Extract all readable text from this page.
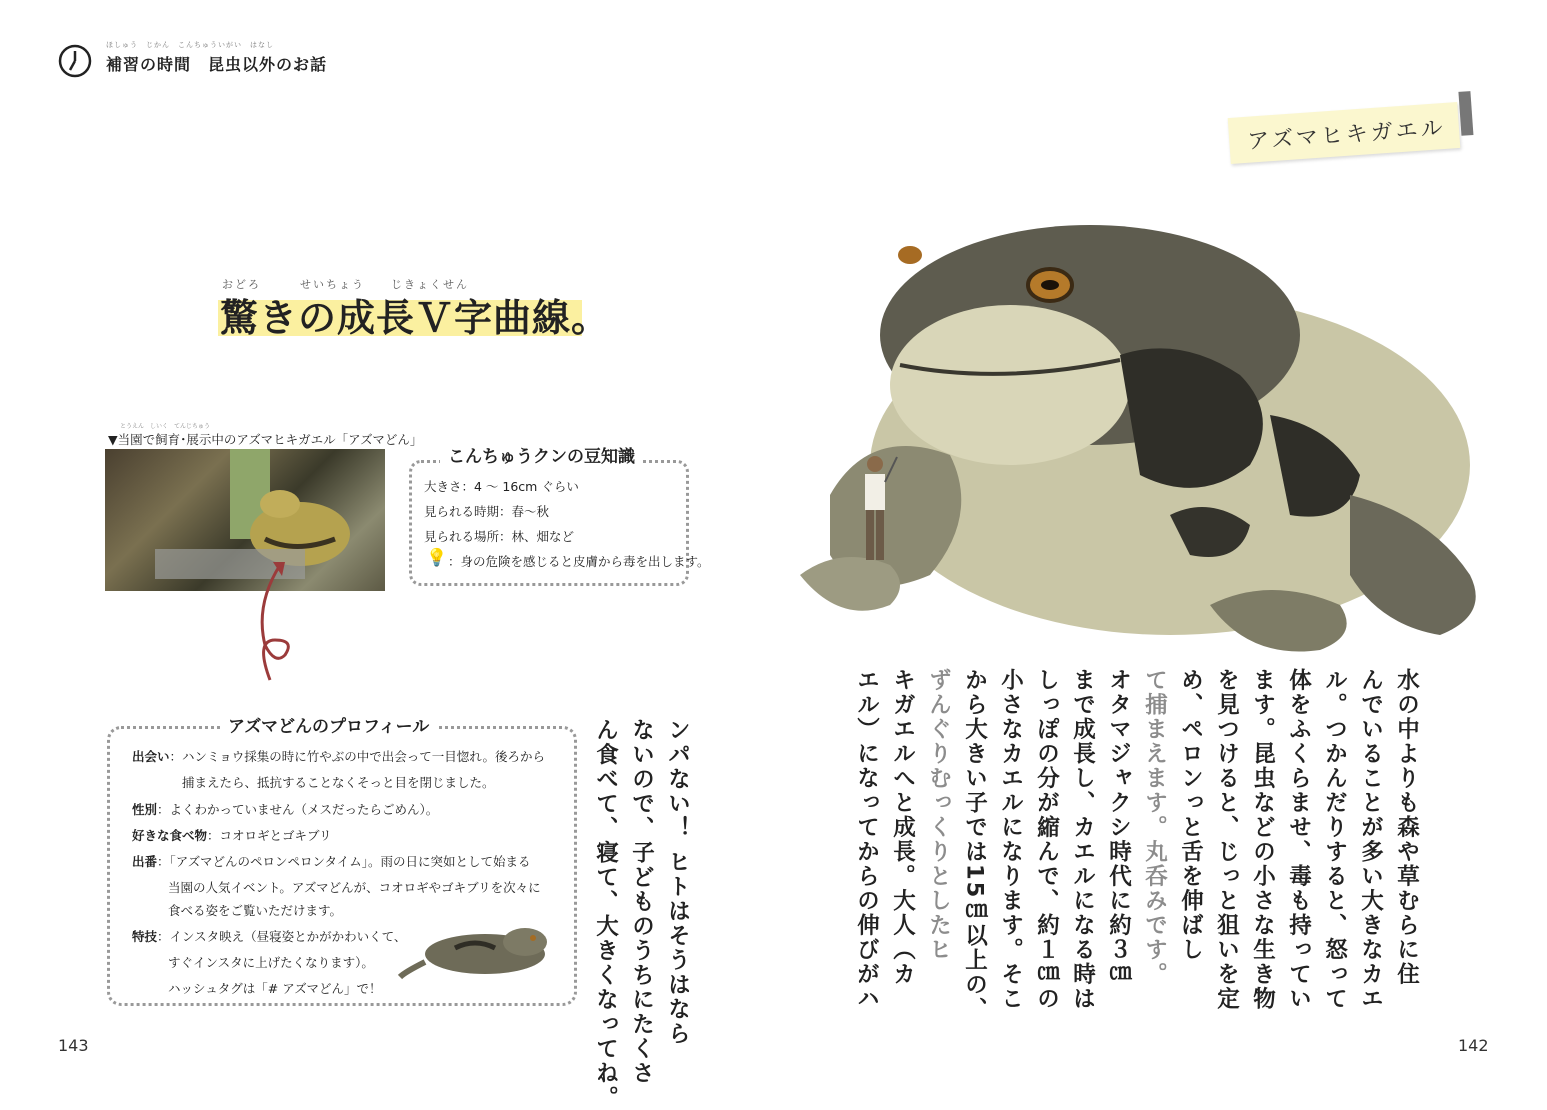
ほしゅう　じかん　こんちゅういがい　はなし
補習の時間　昆虫以外のお話
アズマヒキガエル
おどろ　　　せいちょう　　じきょくせん
驚きの成長Ｖ字曲線。
とうえん　しいく　てんじちゅう
▼当園で飼育･展示中のアズマヒキガエル「アズマどん」
こんちゅうクンの豆知識
大きさ：4 〜 16cm ぐらい
見られる時期：春〜秋
見られる場所：林、畑など
💡 ：身の危険を感じると皮膚から毒を出します。
アズマどんのプロフィール
出会い：ハンミョウ採集の時に竹やぶの中で出会って一目惚れ。後ろから
捕まえたら、抵抗することなくそっと目を閉じました。
性別：よくわかっていません（メスだったらごめん）。
好きな食べ物：コオロギとゴキブリ
出番：「アズマどんのペロンペロンタイム」。雨の日に突如として始まる
当園の人気イベント。アズマどんが、コオロギやゴキブリを次々に
食べる姿をご覧いただけます。
特技：インスタ映え（昼寝姿とかがかわいくて、
すぐインスタに上げたくなります）。
ハッシュタグは「# アズマどん」で！	ンパない！ ヒトはそうはなら
ないので、子どものうちにたくさ
ん食べて、寝て、大きくなってね。	水の中よりも森や草むらに住
んでいることが多い大きなカエ
ル。つかんだりすると、怒って
体をふくらませ、毒も持ってい
ます。昆虫などの小さな生き物
を見つけると、じっと狙いを定
め、ペロンっと舌を伸ばし
て捕まえます。丸呑みです。
オタマジャクシ時代に約３㎝
まで成長し、カエルになる時は
しっぽの分が縮んで、約１㎝の
小さなカエルになります。そこ
から大きい子では15㎝以上の、
ずんぐりむっくりとしたヒ
キガエルへと成長。大人（カ
エル）になってからの伸びがハ
143	142
